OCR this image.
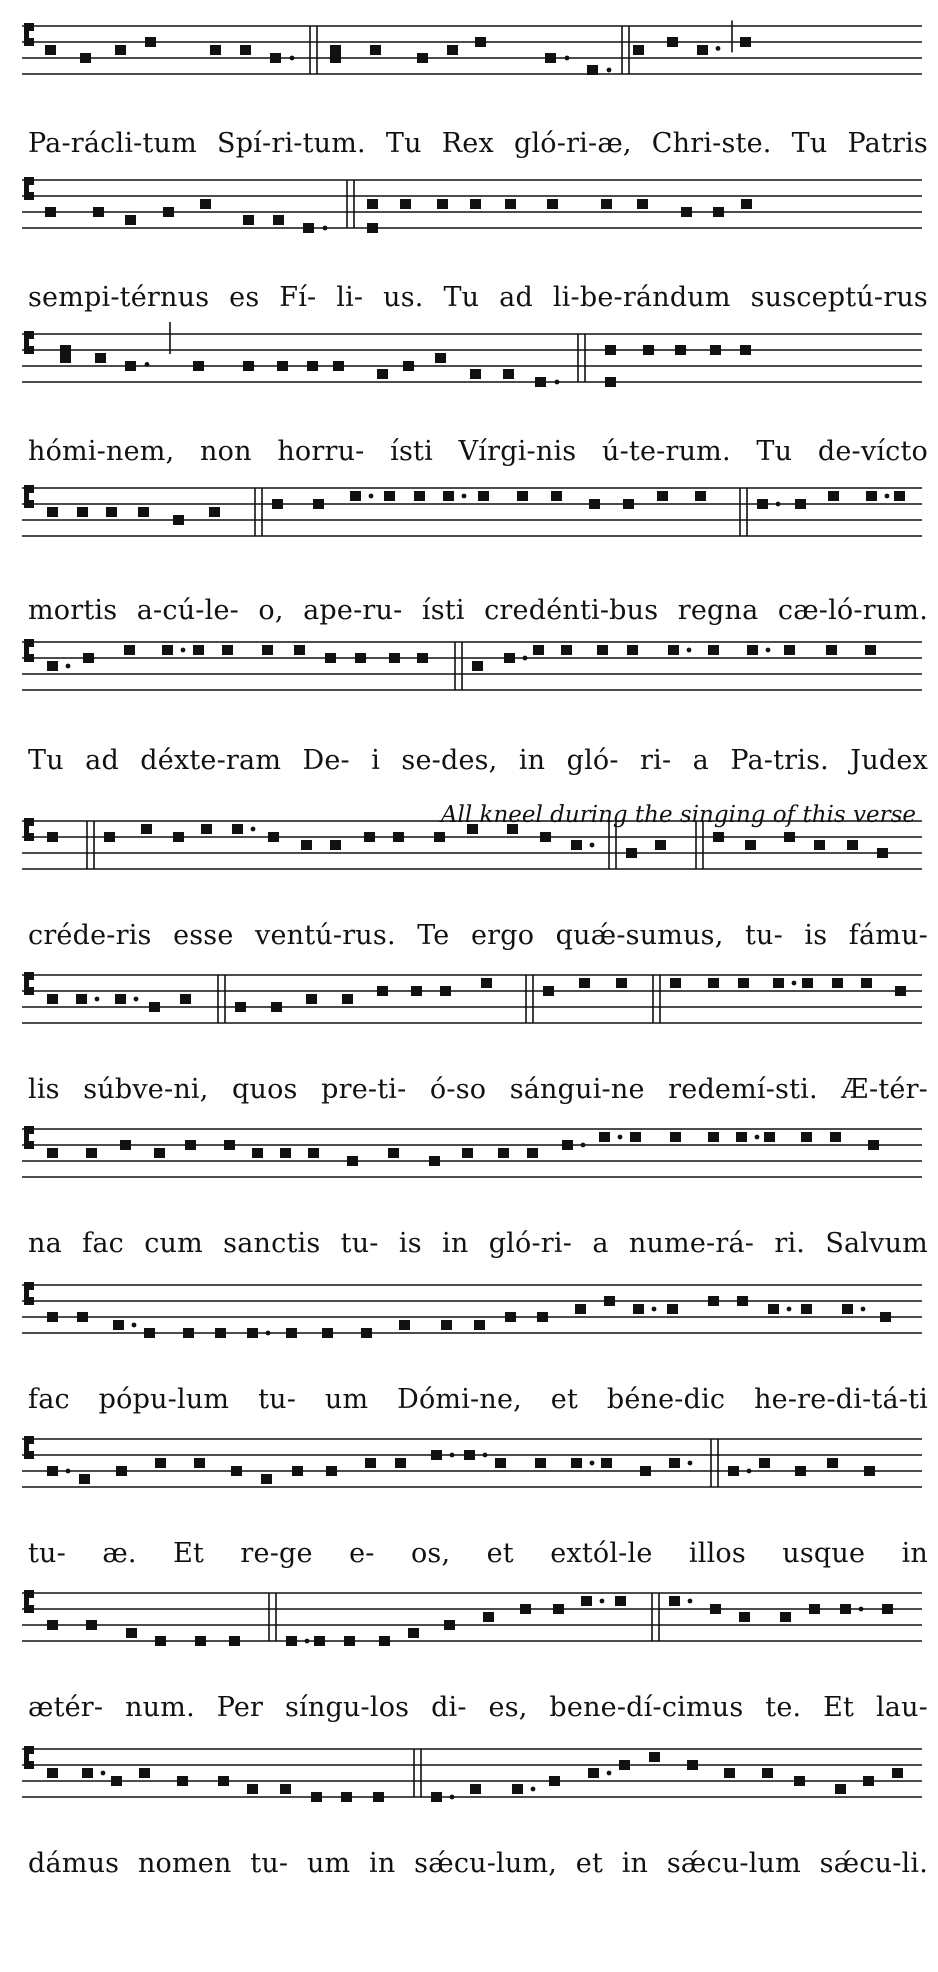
Pa-rácli-tum Spí-ri-tum. Tu Rex gló-ri-æ, Chri-ste. Tu Patris
sempi-térnus es Fí- li- us. Tu ad li-be-rándum susceptú-rus
hómi-nem, non horru- ísti Vírgi-nis ú-te-rum. Tu de-vícto
mortis a-cú-le- o, ape-ru- ísti credénti-bus regna cæ-ló-rum.
Tu ad déxte-ram De- i se-des, in gló- ri- a Pa-tris. Judex
All kneel during the singing of this verse
créde-ris esse ventú-rus. Te ergo quǽ-sumus, tu- is fámu-
lis súbve-ni, quos pre-ti- ó-so sángui-ne redemí-sti. Æ-tér-
na fac cum sanctis tu- is in gló-ri- a nume-rá- ri. Salvum
fac pópu-lum tu- um Dómi-ne, et béne-dic he-re-di-tá-ti
tu- æ. Et re-ge e- os, et extól-le illos usque in
ætér- num. Per síngu-los di- es, bene-dí-cimus te. Et lau-
dámus nomen tu- um in sǽcu-lum, et in sǽcu-lum sǽcu-li.
